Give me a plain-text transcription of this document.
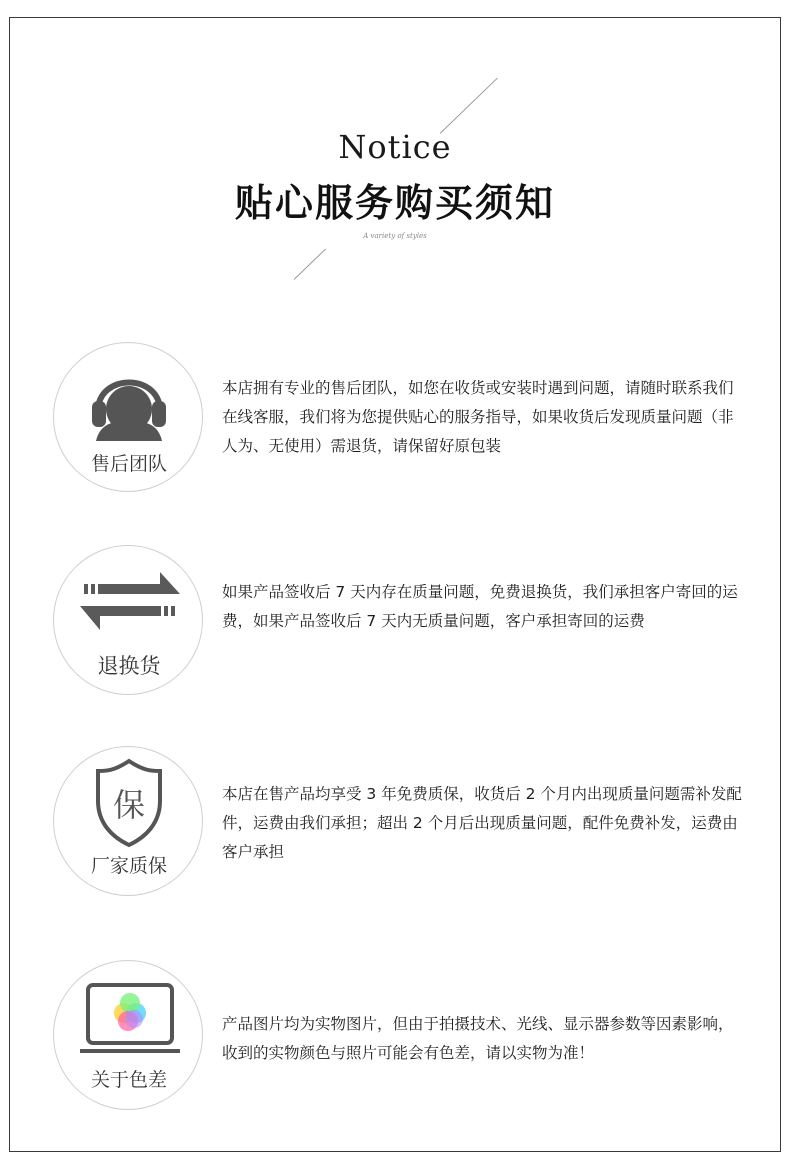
Notice
贴心服务购买须知
A variety of styles
售后团队
本店拥有专业的售后团队，如您在收货或安装时遇到问题，请随时联系我们在线客服，我们将为您提供贴心的服务指导，如果收货后发现质量问题（非人为、无使用）需退货，请保留好原包装
退换货
如果产品签收后 7 天内存在质量问题，免费退换货，我们承担客户寄回的运费，如果产品签收后 7 天内无质量问题，客户承担寄回的运费
保
厂家质保
本店在售产品均享受 3 年免费质保，收货后 2 个月内出现质量问题需补发配件，运费由我们承担；超出 2 个月后出现质量问题，配件免费补发，运费由客户承担
关于色差
产品图片均为实物图片，但由于拍摄技术、光线、显示器参数等因素影响，收到的实物颜色与照片可能会有色差，请以实物为准！
